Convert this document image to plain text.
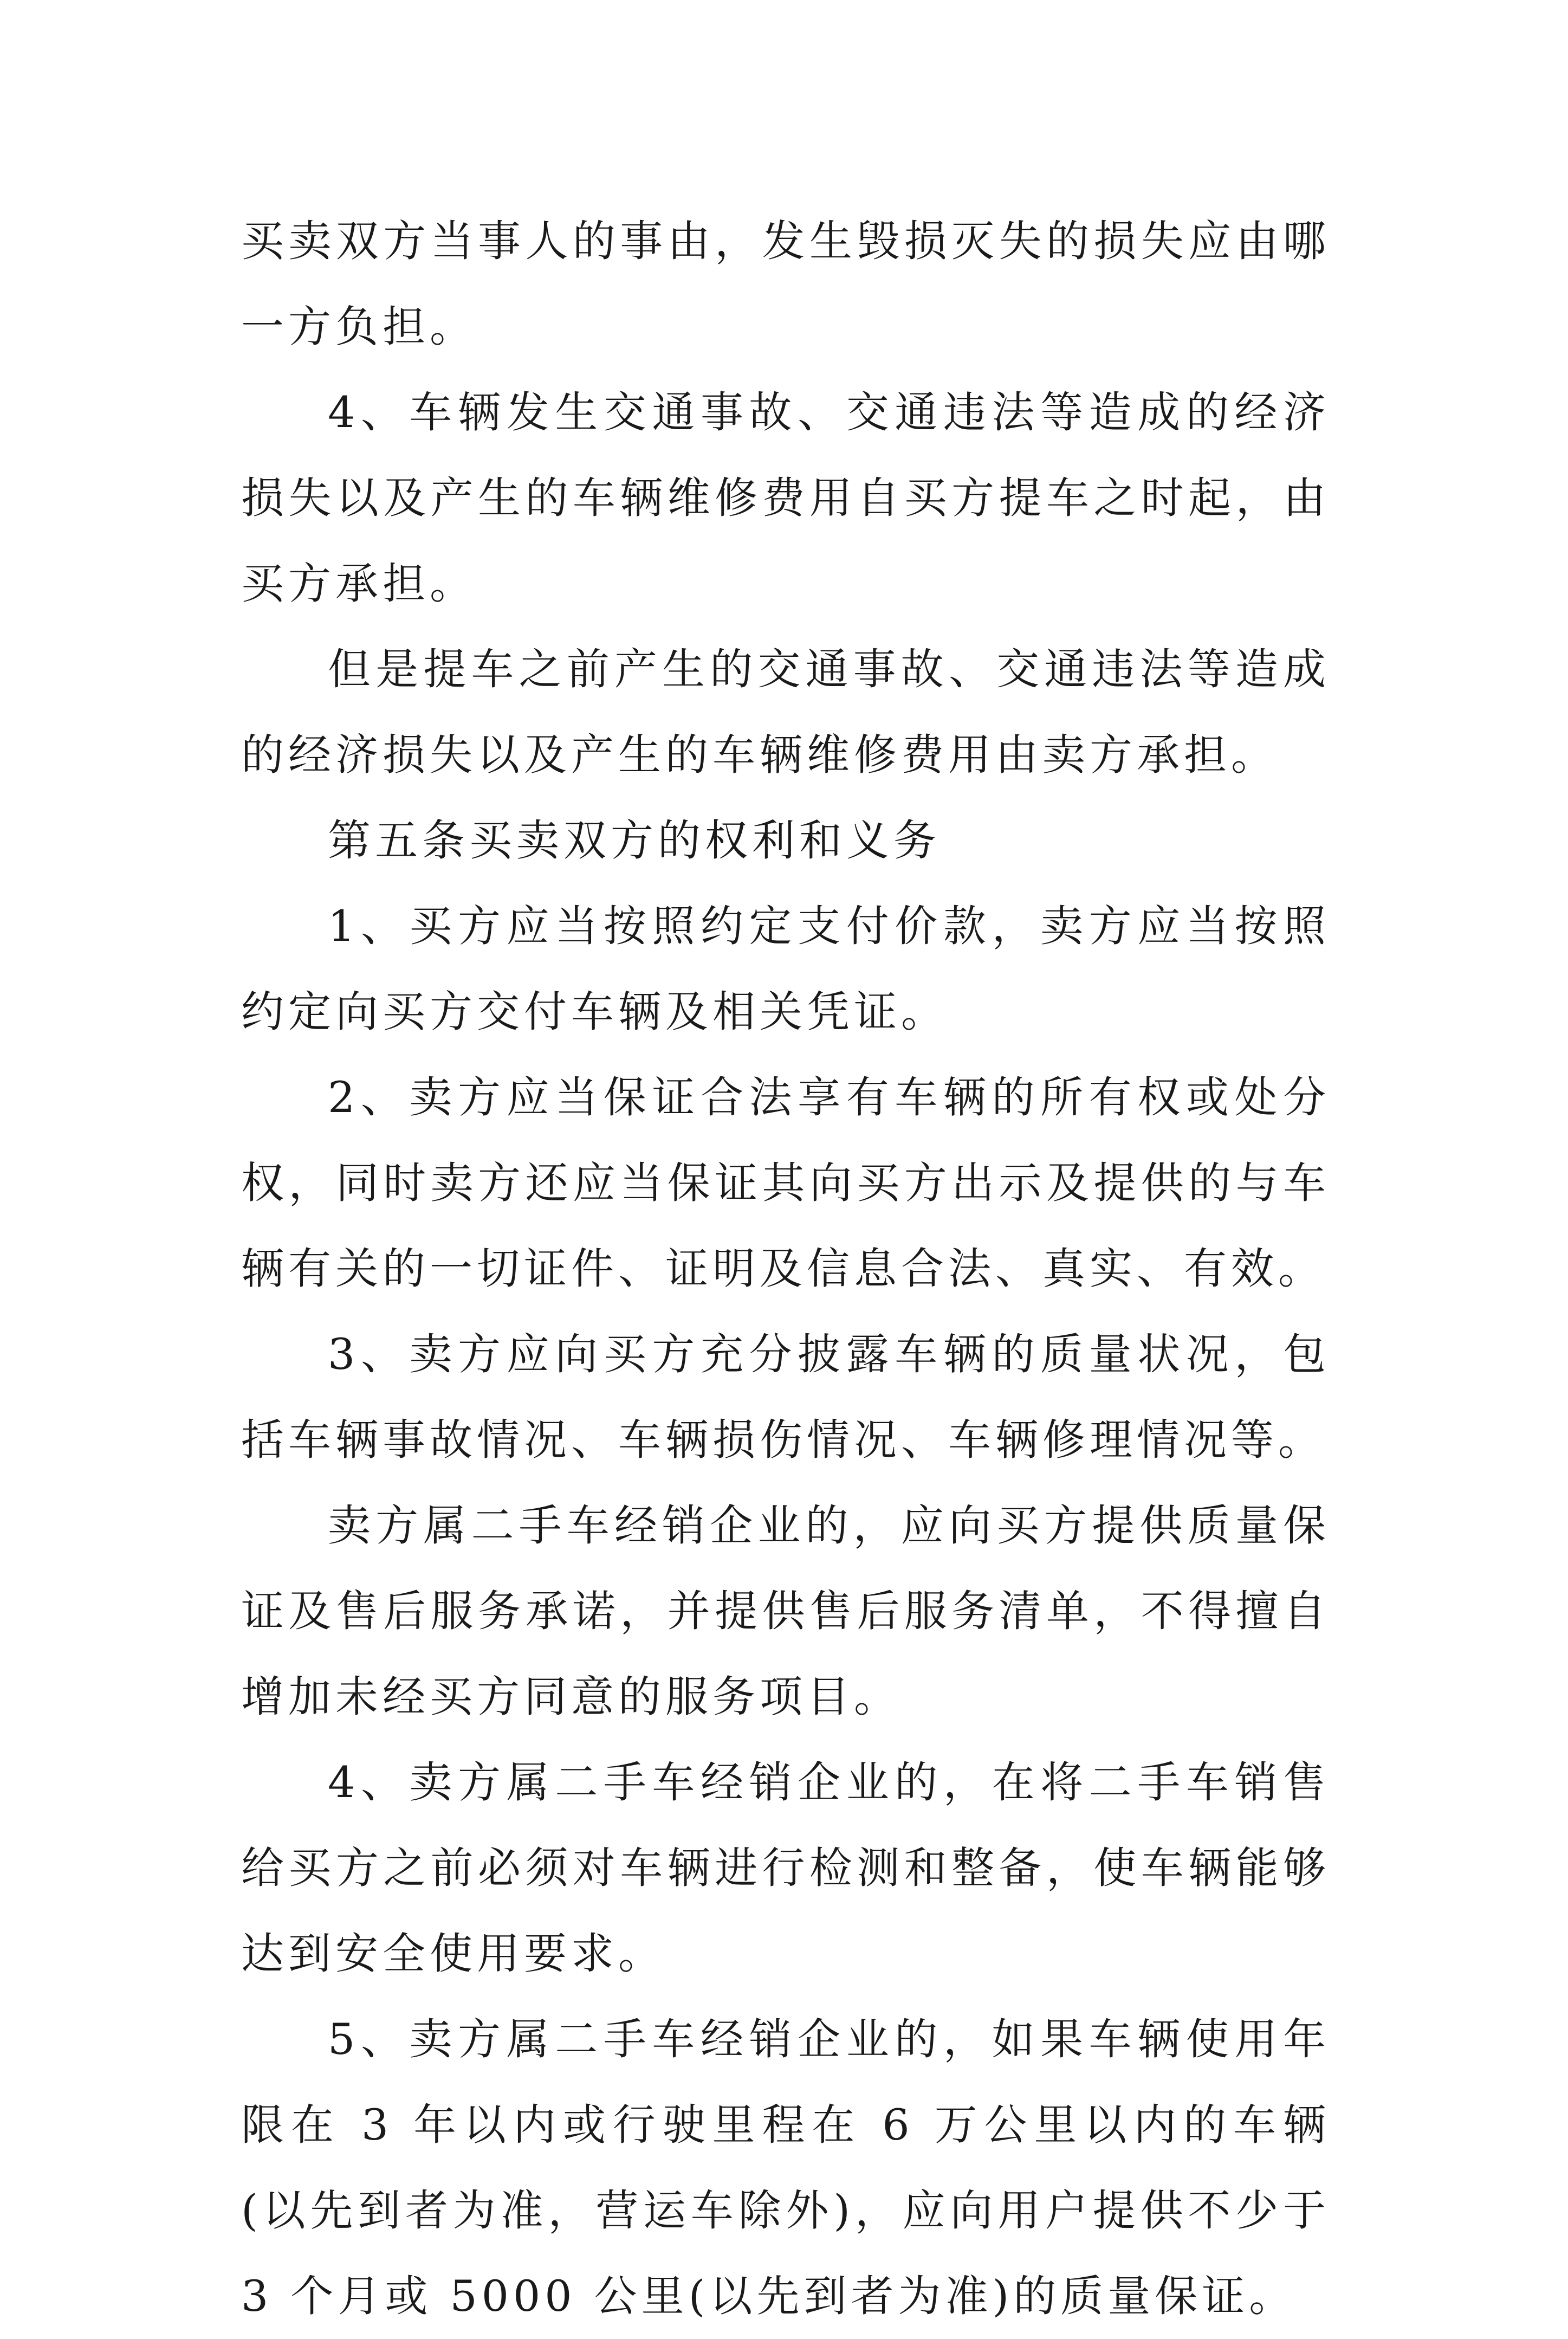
买卖双方当事人的事由，发生毁损灭失的损失应由哪一方负担。

4、车辆发生交通事故、交通违法等造成的经济损失以及产生的车辆维修费用自买方提车之时起，由买方承担。

但是提车之前产生的交通事故、交通违法等造成的经济损失以及产生的车辆维修费用由卖方承担。

第五条买卖双方的权利和义务

1、买方应当按照约定支付价款，卖方应当按照约定向买方交付车辆及相关凭证。

2、卖方应当保证合法享有车辆的所有权或处分权，同时卖方还应当保证其向买方出示及提供的与车辆有关的一切证件、证明及信息合法、真实、有效。

3、卖方应向买方充分披露车辆的质量状况，包括车辆事故情况、车辆损伤情况、车辆修理情况等。

卖方属二手车经销企业的，应向买方提供质量保证及售后服务承诺，并提供售后服务清单，不得擅自增加未经买方同意的服务项目。

4、卖方属二手车经销企业的，在将二手车销售给买方之前必须对车辆进行检测和整备，使车辆能够达到安全使用要求。

5、卖方属二手车经销企业的，如果车辆使用年限在 3 年以内或行驶里程在 6 万公里以内的车辆(以先到者为准，营运车除外)，应向用户提供不少于 3 个月或 5000 公里(以先到者为准)的质量保证。
